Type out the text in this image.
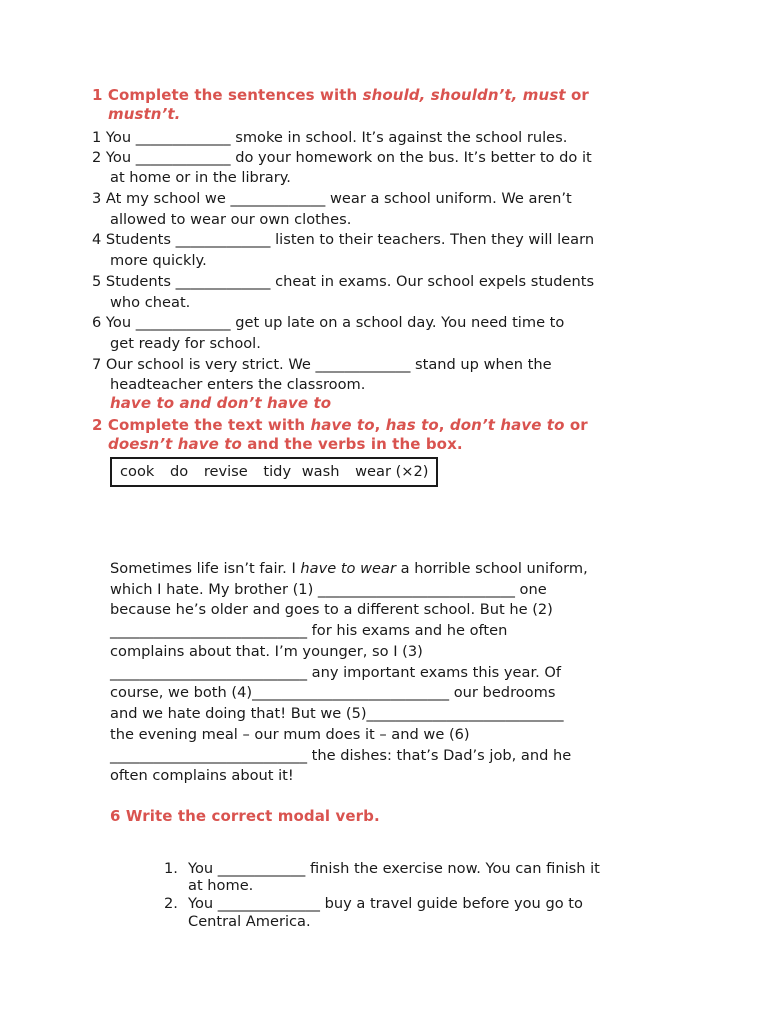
1 Complete the sentences with should, shouldn’t, must or
mustn’t.
1 You _____________ smoke in school. It’s against the school rules.
2 You _____________ do your homework on the bus. It’s better to do it
at home or in the library.
3 At my school we _____________ wear a school uniform. We aren’t
allowed to wear our own clothes.
4 Students _____________ listen to their teachers. Then they will learn
more quickly.
5 Students _____________ cheat in exams. Our school expels students
who cheat.
6 You _____________ get up late on a school day. You need time to
get ready for school.
7 Our school is very strict. We _____________ stand up when the
headteacher enters the classroom.
have to and don’t have to
2 Complete the text with have to, has to, don’t have to or
doesn’t have to and the verbs in the box.
cook do revise tidy wash wear (×2)
Sometimes life isn’t fair. I have to wear a horrible school uniform,
which I hate. My brother (1) ___________________________ one
because he’s older and goes to a different school. But he (2)
___________________________ for his exams and he often
complains about that. I’m younger, so I (3)
___________________________ any important exams this year. Of
course, we both (4)___________________________ our bedrooms
and we hate doing that! But we (5)___________________________
the evening meal – our mum does it – and we (6)
___________________________ the dishes: that’s Dad’s job, and he
often complains about it!
6 Write the correct modal verb.
1. You ____________ finish the exercise now. You can finish it
at home.
2. You ______________ buy a travel guide before you go to
Central America.
